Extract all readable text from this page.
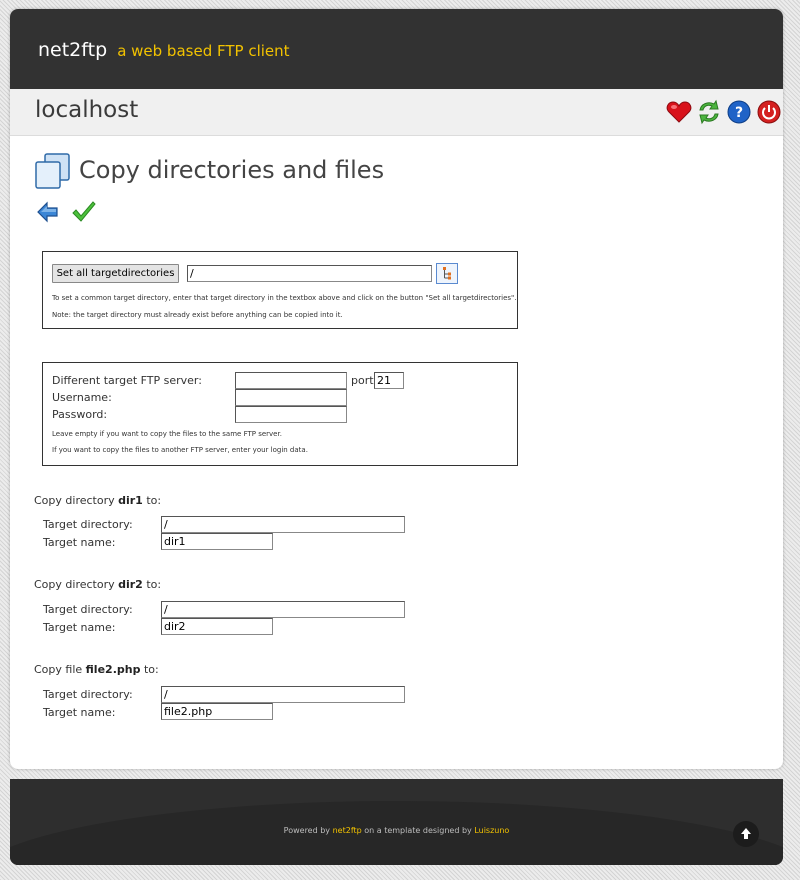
net2ftp a web based FTP client
localhost	?
Copy directories and files
Set all targetdirectories
/
To set a common target directory, enter that target directory in the textbox above and click on the button "Set all targetdirectories".
Note: the target directory must already exist before anything can be copied into it.
Different target FTP server:	port
21
Username:
Password:
Leave empty if you want to copy the files to the same FTP server.
If you want to copy the files to another FTP server, enter your login data.
Copy directory dir1 to:
Target directory:
/
Target name:
dir1
Copy directory dir2 to:
Target directory:
/
Target name:
dir2
Copy file file2.php to:
Target directory:
/
Target name:
file2.php
Powered by net2ftp on a template designed by Luiszuno
